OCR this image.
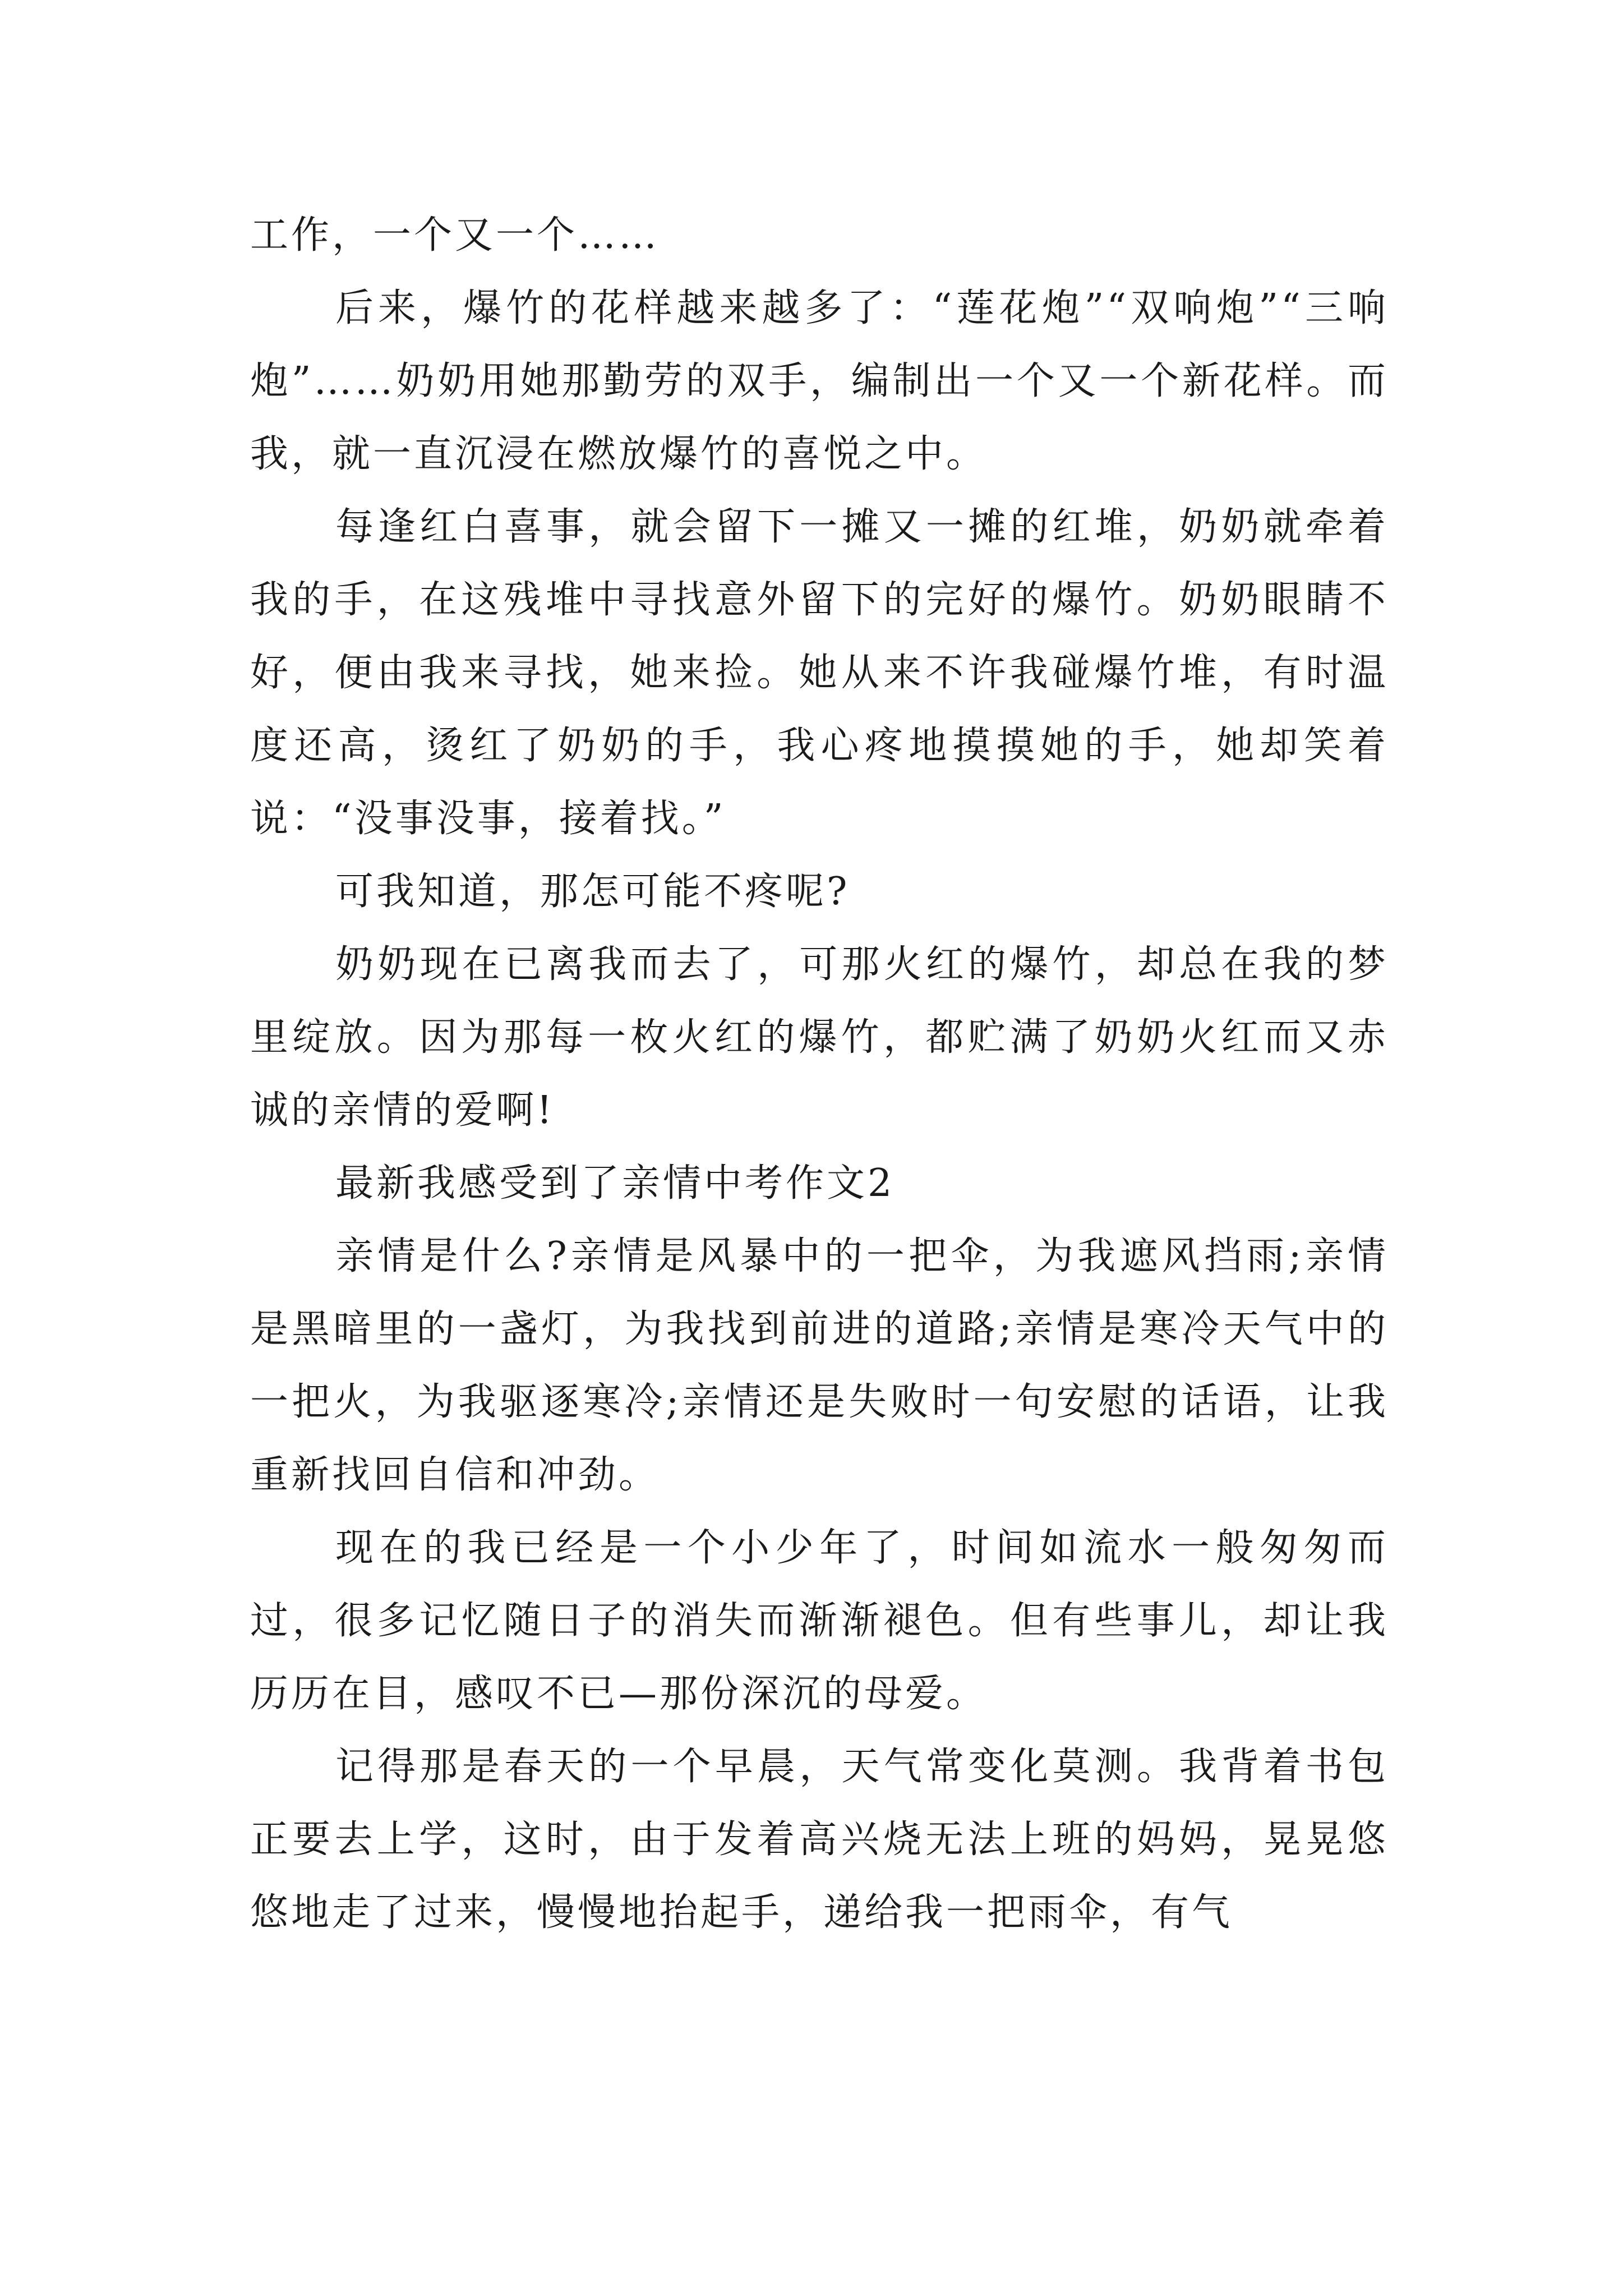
工作，一个又一个……

后来，爆竹的花样越来越多了：“莲花炮”“双响炮”“三响炮”……奶奶用她那勤劳的双手，编制出一个又一个新花样。而我，就一直沉浸在燃放爆竹的喜悦之中。

每逢红白喜事，就会留下一摊又一摊的红堆，奶奶就牵着我的手，在这残堆中寻找意外留下的完好的爆竹。奶奶眼睛不好，便由我来寻找，她来捡。她从来不许我碰爆竹堆，有时温度还高，烫红了奶奶的手，我心疼地摸摸她的手，她却笑着说：“没事没事，接着找。”

可我知道，那怎可能不疼呢?

奶奶现在已离我而去了，可那火红的爆竹，却总在我的梦里绽放。因为那每一枚火红的爆竹，都贮满了奶奶火红而又赤诚的亲情的爱啊!

最新我感受到了亲情中考作文2

亲情是什么?亲情是风暴中的一把伞，为我遮风挡雨;亲情是黑暗里的一盏灯，为我找到前进的道路;亲情是寒冷天气中的一把火，为我驱逐寒冷;亲情还是失败时一句安慰的话语，让我重新找回自信和冲劲。

现在的我已经是一个小少年了，时间如流水一般匆匆而过，很多记忆随日子的消失而渐渐褪色。但有些事儿，却让我历历在目，感叹不已—那份深沉的母爱。

记得那是春天的一个早晨，天气常变化莫测。我背着书包正要去上学，这时，由于发着高兴烧无法上班的妈妈，晃晃悠悠地走了过来，慢慢地抬起手，递给我一把雨伞，有气
